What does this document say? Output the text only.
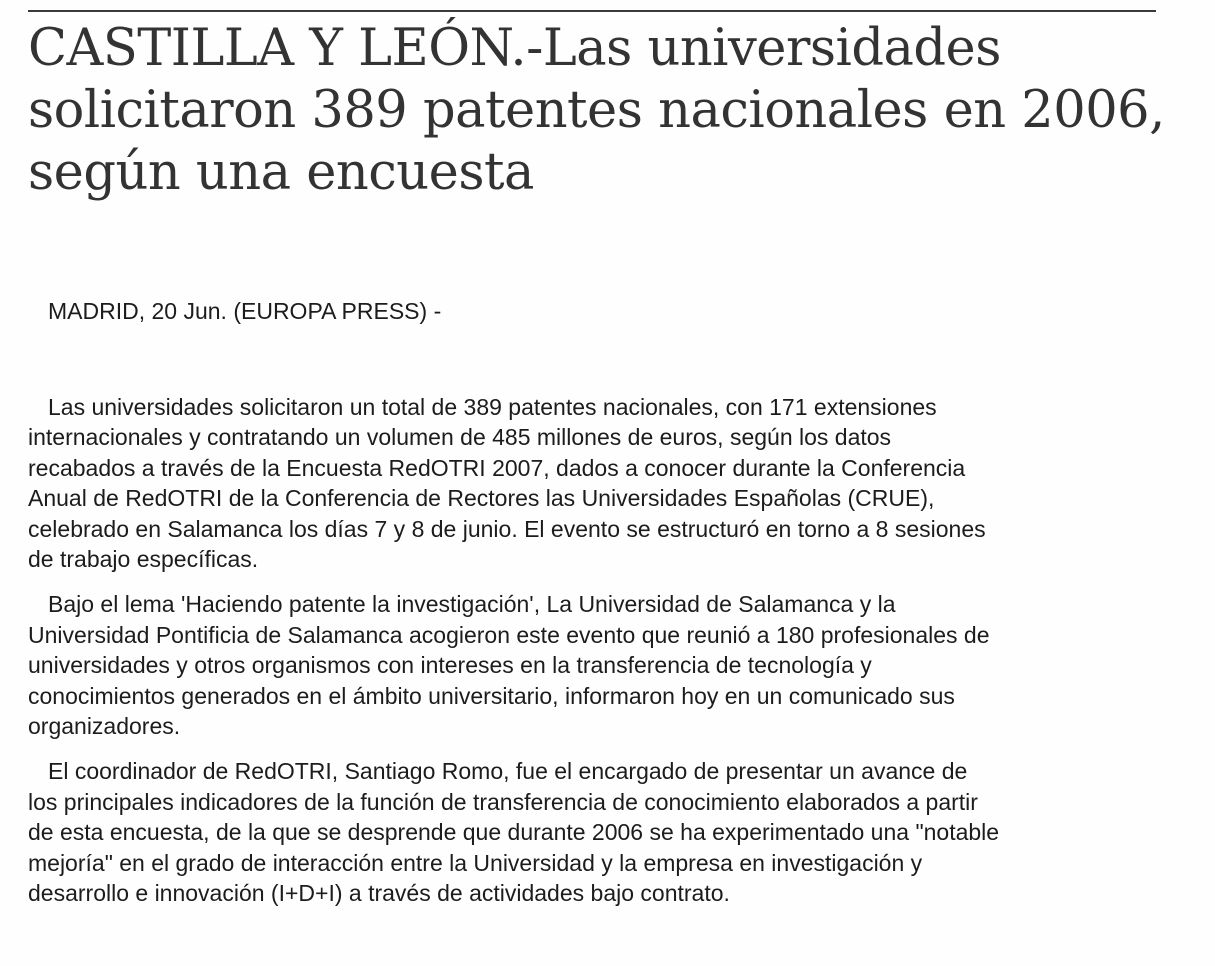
CASTILLA Y LEÓN.-Las universidades solicitaron 389 patentes nacionales en 2006, según una encuesta

MADRID, 20 Jun. (EUROPA PRESS) -

Las universidades solicitaron un total de 389 patentes nacionales, con 171 extensiones
internacionales y contratando un volumen de 485 millones de euros, según los datos
recabados a través de la Encuesta RedOTRI 2007, dados a conocer durante la Conferencia
Anual de RedOTRI de la Conferencia de Rectores las Universidades Españolas (CRUE),
celebrado en Salamanca los días 7 y 8 de junio. El evento se estructuró en torno a 8 sesiones
de trabajo específicas.

Bajo el lema 'Haciendo patente la investigación', La Universidad de Salamanca y la
Universidad Pontificia de Salamanca acogieron este evento que reunió a 180 profesionales de
universidades y otros organismos con intereses en la transferencia de tecnología y
conocimientos generados en el ámbito universitario, informaron hoy en un comunicado sus
organizadores.

El coordinador de RedOTRI, Santiago Romo, fue el encargado de presentar un avance de
los principales indicadores de la función de transferencia de conocimiento elaborados a partir
de esta encuesta, de la que se desprende que durante 2006 se ha experimentado una "notable
mejoría" en el grado de interacción entre la Universidad y la empresa en investigación y
desarrollo e innovación (I+D+I) a través de actividades bajo contrato.
